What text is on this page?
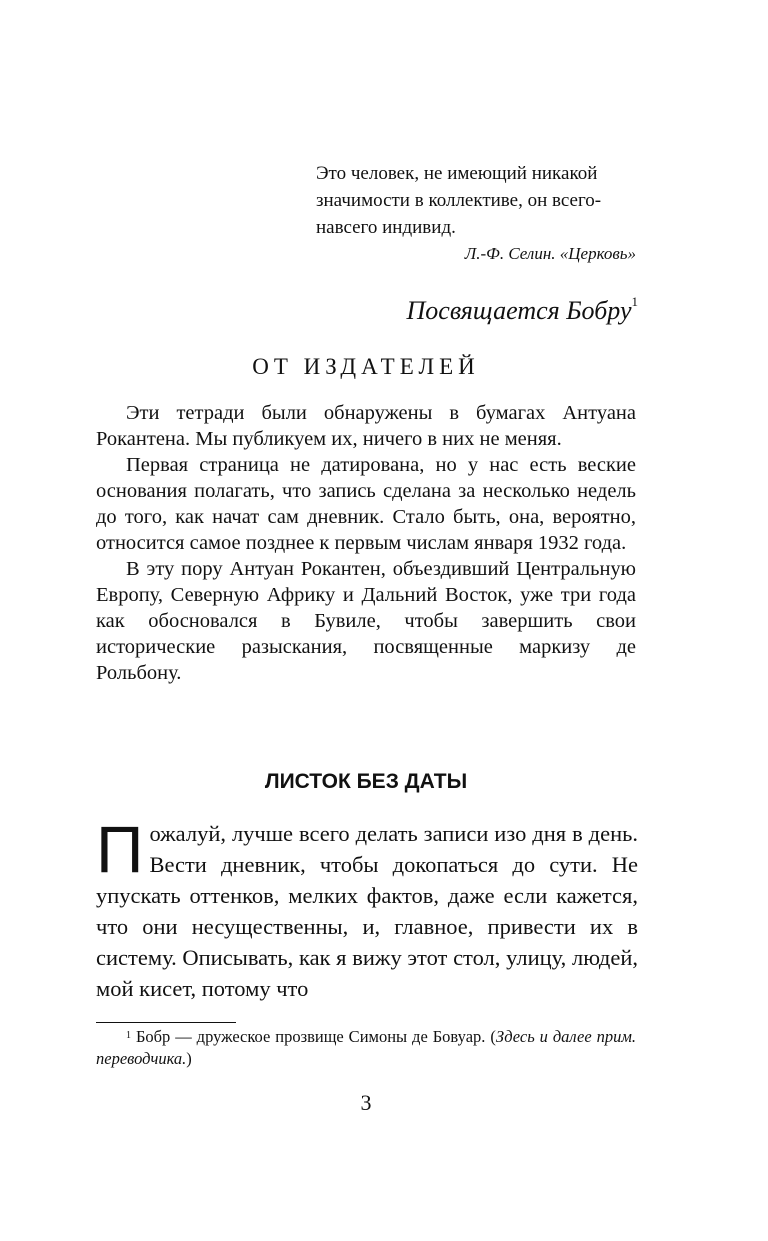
Это человек, не имеющий никакой значимости в коллективе, он всего-навсего индивид.

Л.-Ф. Селин. «Церковь»
Посвящается Бобру$^1$
ОТ ИЗДАТЕЛЕЙ

Эти тетради были обнаружены в бумагах Антуана Рокантена. Мы публикуем их, ничего в них не меняя.

Первая страница не датирована, но у нас есть веские основания полагать, что запись сделана за несколько недель до того, как начат сам дневник. Стало быть, она, вероятно, относится самое позднее к первым числам января 1932 года.

В эту пору Антуан Рокантен, объездивший Центральную Европу, Северную Африку и Дальний Восток, уже три года как обосновался в Бувиле, чтобы завершить свои исторические разыскания, посвященные маркизу де Рольбону.

ЛИСТОК БЕЗ ДАТЫ

Пожалуй, лучше всего делать записи изо дня в день. Вести дневник, чтобы докопаться до сути. Не упускать оттенков, мелких фактов, даже если кажется, что они несущественны, и, главное, привести их в систему. Описывать, как я вижу этот стол, улицу, людей, мой кисет, потому что

$^1$ Бобр — дружеское прозвище Симоны де Бовуар. (Здесь и далее прим. переводчика.)

3
